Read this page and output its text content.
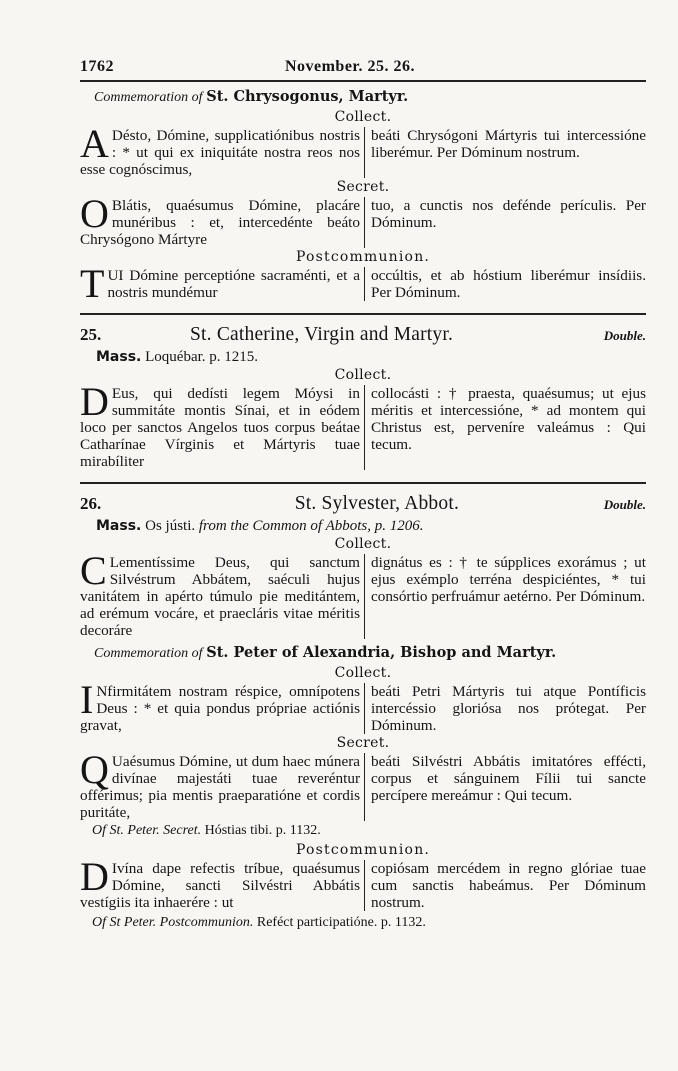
1762	November. 25. 26.
Commemoration of St. Chrysogonus, Martyr.
Collect.

A Désto, Dómine, supplicatiónibus nostris : * ut qui ex iniquitáte nostra reos nos esse cognóscimus,

beáti Chrysógoni Mártyris tui intercessióne liberémur. Per Dóminum nostrum.

Secret.

O Blátis, quaésumus Dómine, placáre munéribus : et, intercedénte beáto Chrysógono Mártyre

tuo, a cunctis nos defénde perículis. Per Dóminum.

Postcommunion.

TUI Dómine perceptióne sacraménti, et a nostris mundémur

occúltis, et ab hóstium liberémur insídiis. Per Dóminum.

25.	St. Catherine, Virgin and Martyr.	Double.
Mass. Loquébar. p. 1215.
Collect.

D Eus, qui dedísti legem Móysi in summitáte montis Sínai, et in eódem loco per sanctos Angelos tuos corpus beátae Catharínae Vírginis et Mártyris tuae mirabíliter

collocásti : † praesta, quaésumus; ut ejus méritis et intercessióne, * ad montem qui Christus est, perveníre valeámus : Qui tecum.

26.	St. Sylvester, Abbot.	Double.
Mass. Os jústi. from the Common of Abbots, p. 1206.
Collect.

C Lementíssime Deus, qui sanctum Silvéstrum Abbátem, saéculi hujus vanitátem in apérto túmulo pie meditántem, ad erémum vocáre, et praecláris vitae méritis decoráre

dignátus es : † te súpplices exorámus ; ut ejus exémplo terréna despiciéntes, * tui consórtio perfruámur aetérno. Per Dóminum.

Commemoration of St. Peter of Alexandria, Bishop and Martyr.
Collect.

I Nfirmitátem nostram réspice, omnípotens Deus : * et quia pondus própriae actiónis gravat,

beáti Petri Mártyris tui atque Pontíficis intercéssio gloriósa nos prótegat. Per Dóminum.

Secret.

Q Uaésumus Dómine, ut dum haec múnera divínae majestáti tuae reveréntur offérimus; pia mentis praeparatióne et cordis puritáte,

beáti Silvéstri Abbátis imitatóres effécti, corpus et sánguinem Fílii tui sancte percípere mereámur : Qui tecum.

Of St. Peter. Secret. Hóstias tibi. p. 1132.
Postcommunion.

D Ivína dape refectis tríbue, quaésumus Dómine, sancti Silvéstri Abbátis vestígiis ita inhaerére : ut

copiósam mercédem in regno glóriae tuae cum sanctis habeámus. Per Dóminum nostrum.

Of St Peter. Postcommunion. Reféct participatióne. p. 1132.
